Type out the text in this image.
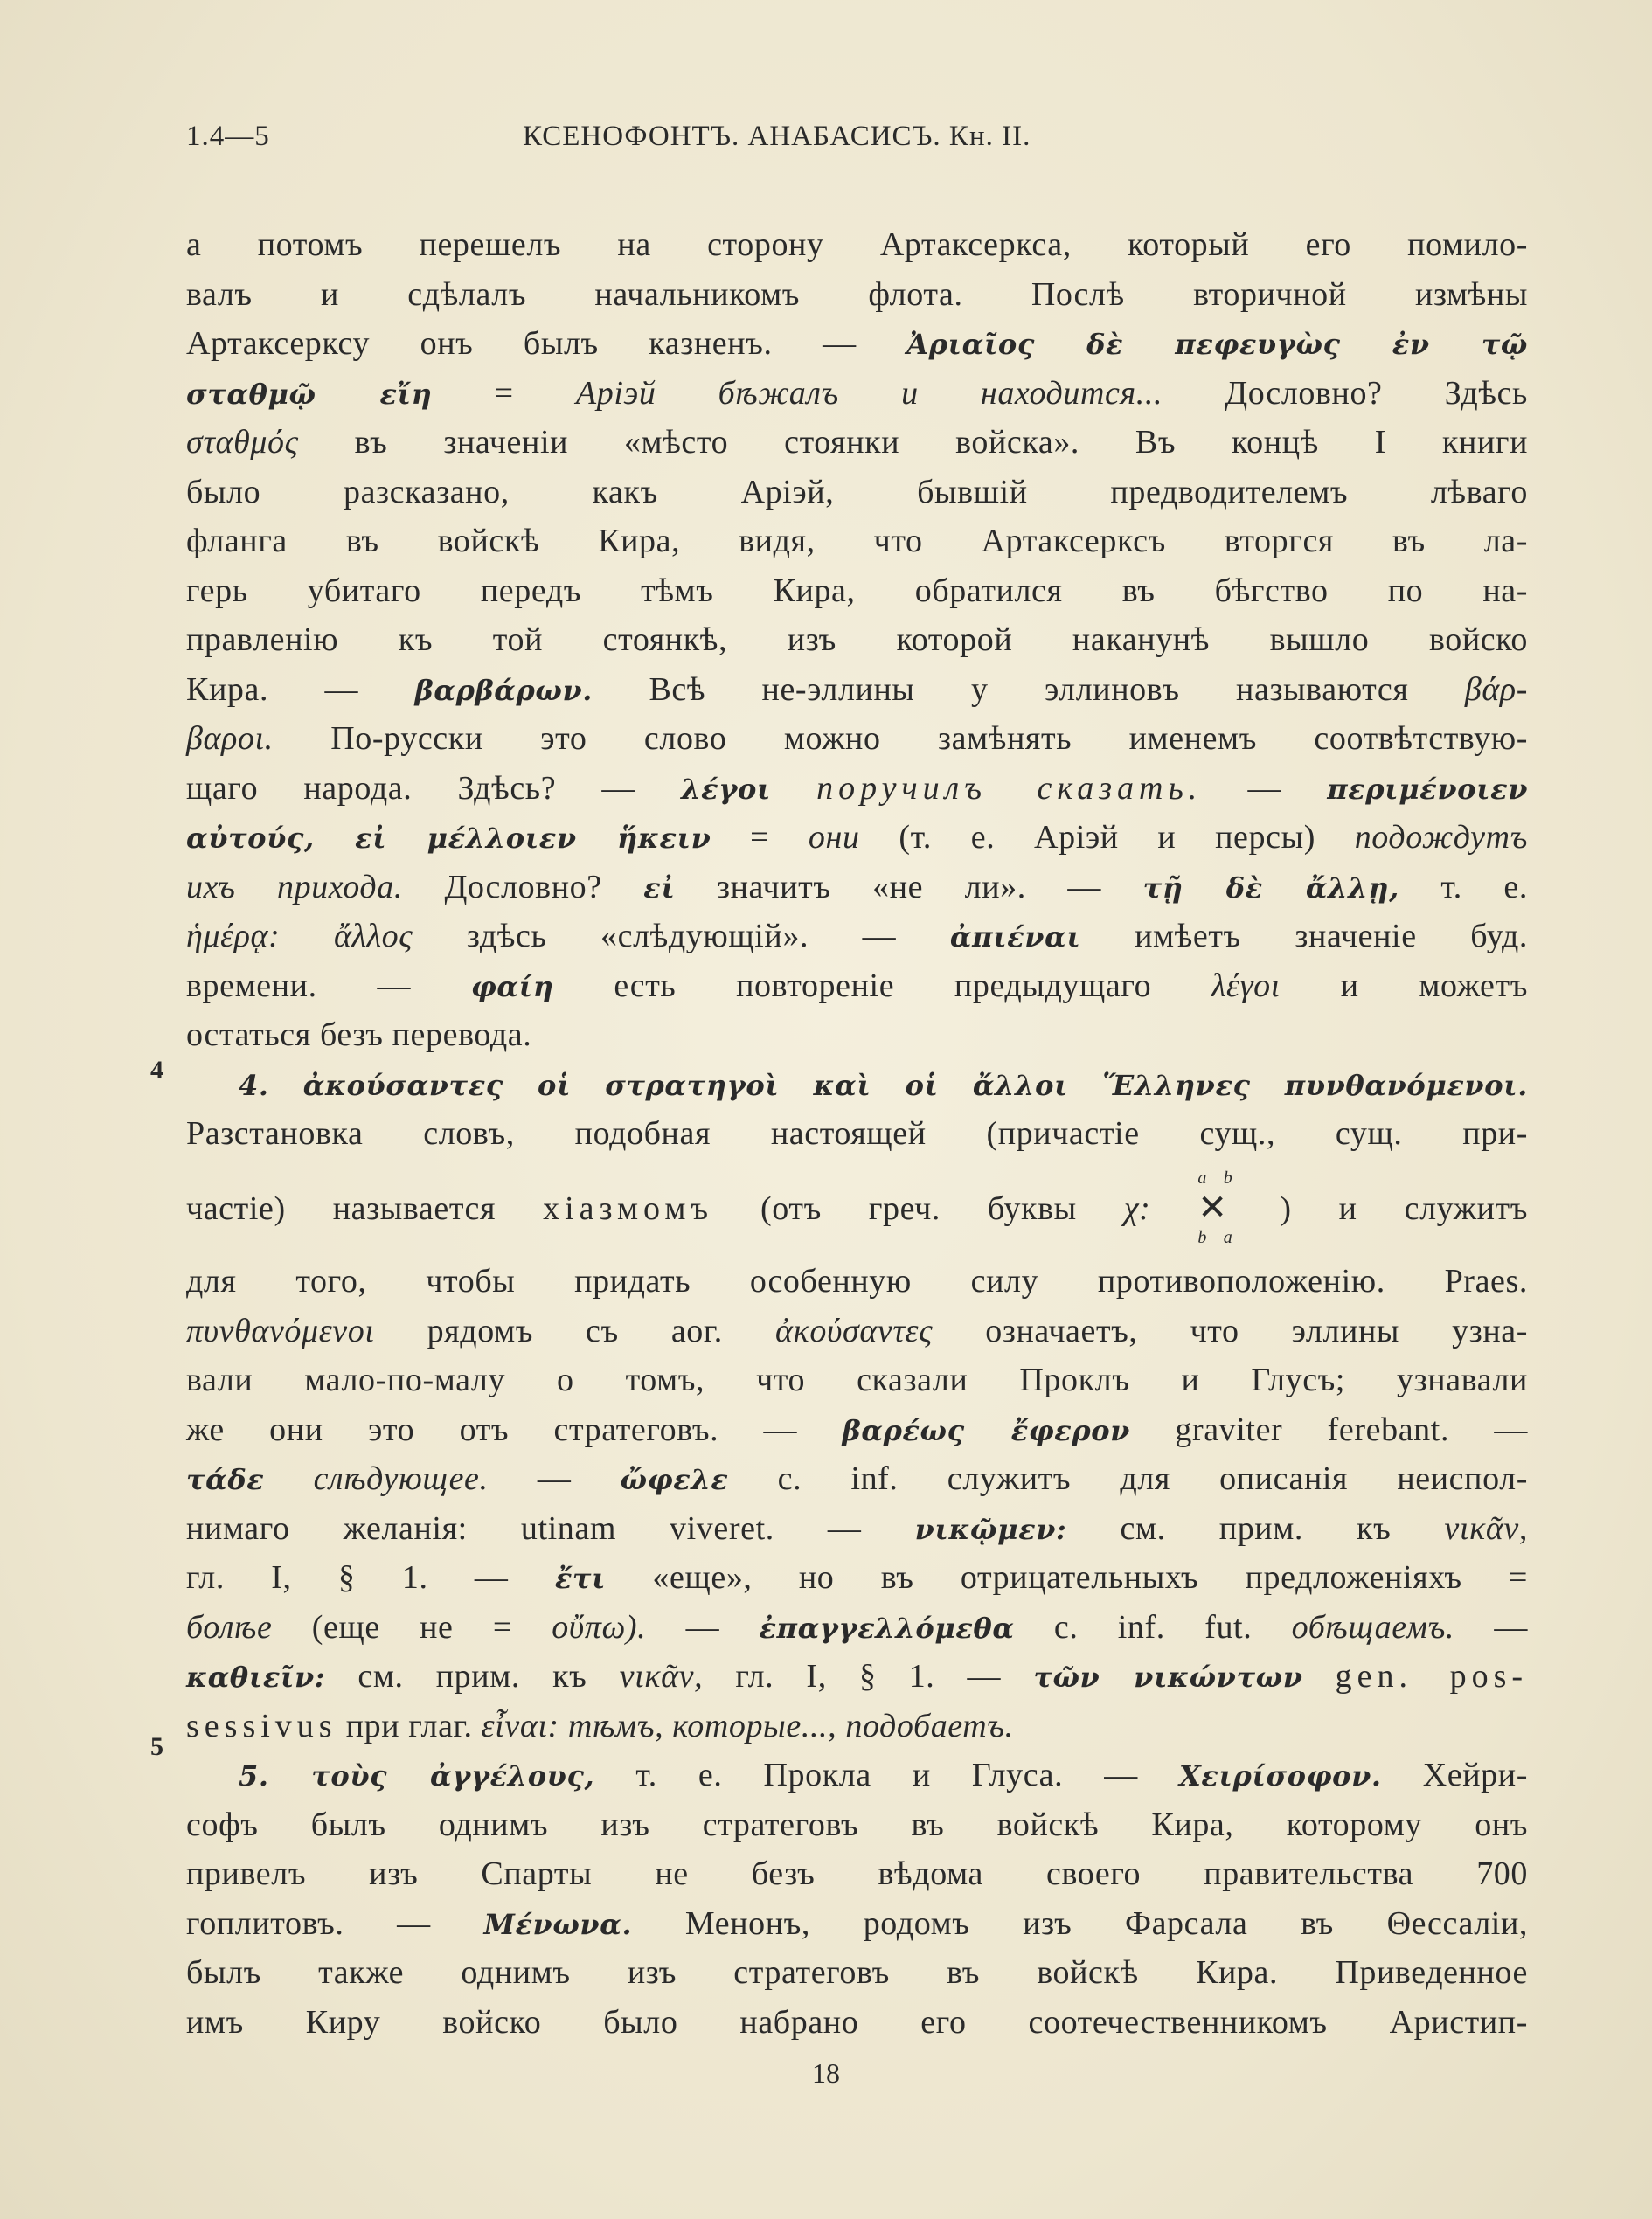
1.4—5	КСЕНОФОНТЪ. АНАБАСИСЪ. Кн. II.
4
5
а потомъ перешелъ на сторону Артаксеркса, который его помило-
валъ и сдѣлалъ начальникомъ флота. Послѣ вторичной измѣны
Артаксерксу онъ былъ казненъ. — Ἀριαῖος δὲ πεφευγὼς ἐν τῷ
σταθμῷ εἴη = Аріэй бѣжалъ и находится... Дословно? Здѣсь
σταθμός въ значеніи «мѣсто стоянки войска». Въ концѣ I книги
было разсказано, какъ Аріэй, бывшій предводителемъ лѣваго
фланга въ войскѣ Кира, видя, что Артаксерксъ вторгся въ ла-
герь убитаго передъ тѣмъ Кира, обратился въ бѣгство по на-
правленію къ той стоянкѣ, изъ которой наканунѣ вышло войско
Кира. — βαρβάρων. Всѣ не-эллины у эллиновъ называются βάρ-
βαροι. По-русски это слово можно замѣнять именемъ соотвѣтствую-
щаго народа. Здѣсь? — λέγοι поручилъ сказать. — περιμένοιεν
αὐτούς, εἰ μέλλοιεν ἥκειν = они (т. е. Аріэй и персы) подождутъ
ихъ прихода. Дословно? εἰ значитъ «не ли». — τῇ δὲ ἄλλῃ, т. е.
ἡμέρᾳ: ἄλλος здѣсь «слѣдующій». — ἀπιέναι имѣетъ значеніе буд.
времени. — φαίη есть повтореніе предыдущаго λέγοι и можетъ
остаться безъ перевода.
4. ἀκούσαντες οἱ στρατηγοὶ καὶ οἱ ἄλλοι Ἕλληνες πυνθανόμενοι.
Разстановка словъ, подобная настоящей (причастіе сущ., сущ. при-
частіе) называется хіазмомъ (отъ греч. буквы χ:
a b
✕
b a
) и служитъ
для того, чтобы придать особенную силу противоположенію. Praes.
πυνθανόμενοι рядомъ съ аог. ἀκούσαντες означаетъ, что эллины узна-
вали мало-по-малу о томъ, что сказали Проклъ и Глусъ; узнавали
же они это отъ стратеговъ. — βαρέως ἔφερον graviter ferebant. —
τάδε слѣдующее. — ὤφελε с. inf. служитъ для описанія неиспол-
нимаго желанія: utinam viveret. — νικῷμεν: см. прим. къ νικᾶν,
гл. I, § 1. — ἔτι «еще», но въ отрицательныхъ предложеніяхъ =
болѣе (еще не = οὔπω). — ἐπαγγελλόμεθα с. inf. fut. обѣщаемъ. —
καθιεῖν: см. прим. къ νικᾶν, гл. I, § 1. — τῶν νικώντων gen. pos-
sessivus при глаг. εἶναι: тѣмъ, которые..., подобаетъ.
5. τοὺς ἀγγέλους, т. е. Прокла и Глуса. — Χειρίσοφον. Хейри-
софъ былъ однимъ изъ стратеговъ въ войскѣ Кира, которому онъ
привелъ изъ Спарты не безъ вѣдома своего правительства 700
гоплитовъ. — Μένωνα. Менонъ, родомъ изъ Фарсала въ Θессаліи,
былъ также однимъ изъ стратеговъ въ войскѣ Кира. Приведенное
имъ Киру войско было набрано его соотечественникомъ Аристип-
18
